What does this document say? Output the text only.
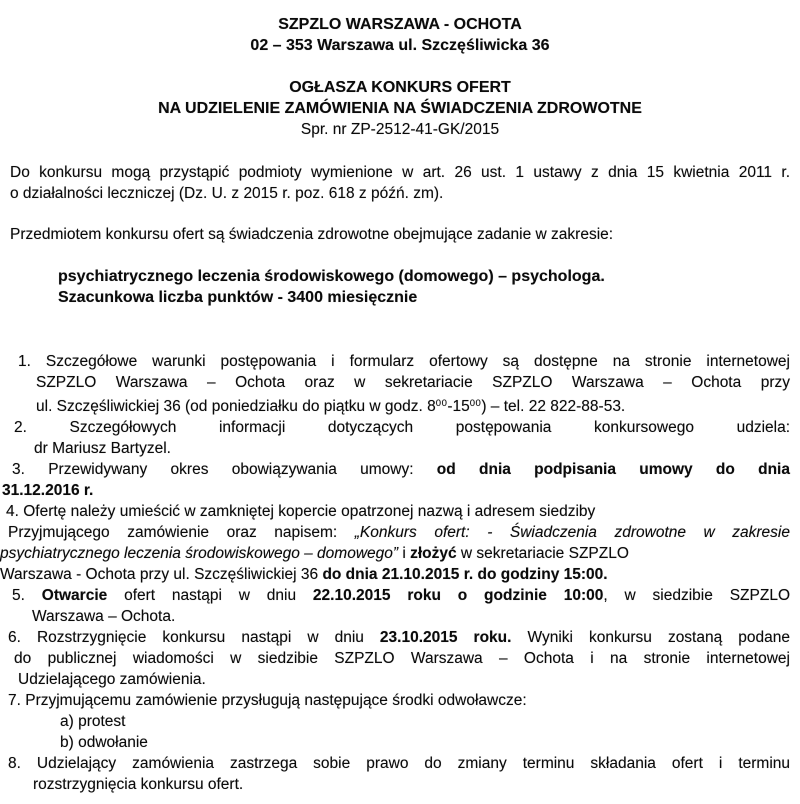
SZPZLO WARSZAWA - OCHOTA
02 – 353 Warszawa ul. Szczęśliwicka 36
OGŁASZA KONKURS OFERT
NA UDZIELENIE ZAMÓWIENIA NA ŚWIADCZENIA ZDROWOTNE
Spr. nr ZP-2512-41-GK/2015
Do konkursu mogą przystąpić podmioty wymienione w art. 26 ust. 1 ustawy z dnia 15 kwietnia 2011 r.
o działalności leczniczej (Dz. U. z 2015 r. poz. 618 z późń. zm).
Przedmiotem konkursu ofert są świadczenia zdrowotne obejmujące zadanie w zakresie:
psychiatrycznego leczenia środowiskowego (domowego) – psychologa.
Szacunkowa liczba punktów - 3400 miesięcznie
1. Szczegółowe warunki postępowania i formularz ofertowy są dostępne na stronie internetowej
SZPZLO Warszawa – Ochota oraz w sekretariacie SZPZLO Warszawa – Ochota przy
ul. Szczęśliwickiej 36 (od poniedziałku do piątku w godz. $8^{00}-15^{00}$) – tel. 22 822-88-53.
2. Szczegółowych informacji dotyczących postępowania konkursowego udziela:
dr Mariusz Bartyzel.
3. Przewidywany okres obowiązywania umowy: od dnia podpisania umowy do dnia
31.12.2016 r.
4. Ofertę należy umieścić w zamkniętej kopercie opatrzonej nazwą i adresem siedziby
Przyjmującego zamówienie oraz napisem: „Konkurs ofert: - Świadczenia zdrowotne w zakresie
psychiatrycznego leczenia środowiskowego – domowego” i złożyć w sekretariacie SZPZLO
Warszawa - Ochota przy ul. Szczęśliwickiej 36 do dnia 21.10.2015 r. do godziny 15:00.
5. Otwarcie ofert nastąpi w dniu 22.10.2015 roku o godzinie 10:00, w siedzibie SZPZLO
Warszawa – Ochota.
6. Rozstrzygnięcie konkursu nastąpi w dniu 23.10.2015 roku. Wyniki konkursu zostaną podane
do publicznej wiadomości w siedzibie SZPZLO Warszawa – Ochota i na stronie internetowej
Udzielającego zamówienia.
7. Przyjmującemu zamówienie przysługują następujące środki odwoławcze:
a) protest
b) odwołanie
8. Udzielający zamówienia zastrzega sobie prawo do zmiany terminu składania ofert i terminu
rozstrzygnięcia konkursu ofert.
